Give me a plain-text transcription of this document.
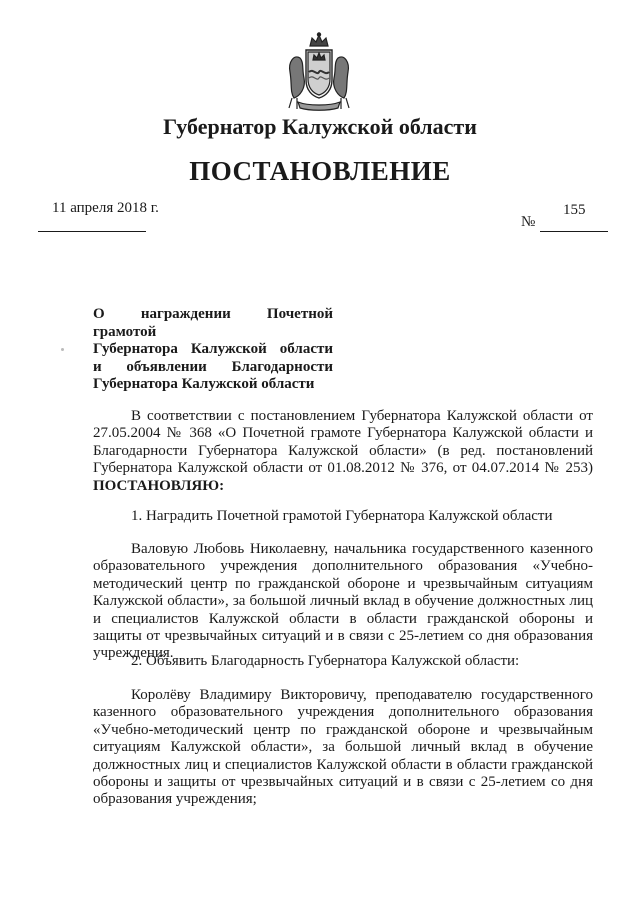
Губернатор Калужской области
ПОСТАНОВЛЕНИЕ
11 апреля 2018 г.	155
№
О награждении Почетной грамотой
Губернатора Калужской области
и объявлении Благодарности
Губернатора Калужской области
В соответствии с постановлением Губернатора Калужской области от 27.05.2004 № 368 «О Почетной грамоте Губернатора Калужской области и Благодарности Губернатора Калужской области» (в ред. постановлений Губернатора Калужской области от 01.08.2012 № 376, от 04.07.2014 № 253) ПОСТАНОВЛЯЮ:
1. Наградить Почетной грамотой Губернатора Калужской области
Валовую Любовь Николаевну, начальника государственного казенного образовательного учреждения дополнительного образования «Учебно-методический центр по гражданской обороне и чрезвычайным ситуациям Калужской области», за большой личный вклад в обучение должностных лиц и специалистов Калужской области в области гражданской обороны и защиты от чрезвычайных ситуаций и в связи с 25-летием со дня образования учреждения.
2. Объявить Благодарность Губернатора Калужской области:
Королёву Владимиру Викторовичу, преподавателю государственного казенного образовательного учреждения дополнительного образования «Учебно-методический центр по гражданской обороне и чрезвычайным ситуациям Калужской области», за большой личный вклад в обучение должностных лиц и специалистов Калужской области в области гражданской обороны и защиты от чрезвычайных ситуаций и в связи с 25-летием со дня образования учреждения;
